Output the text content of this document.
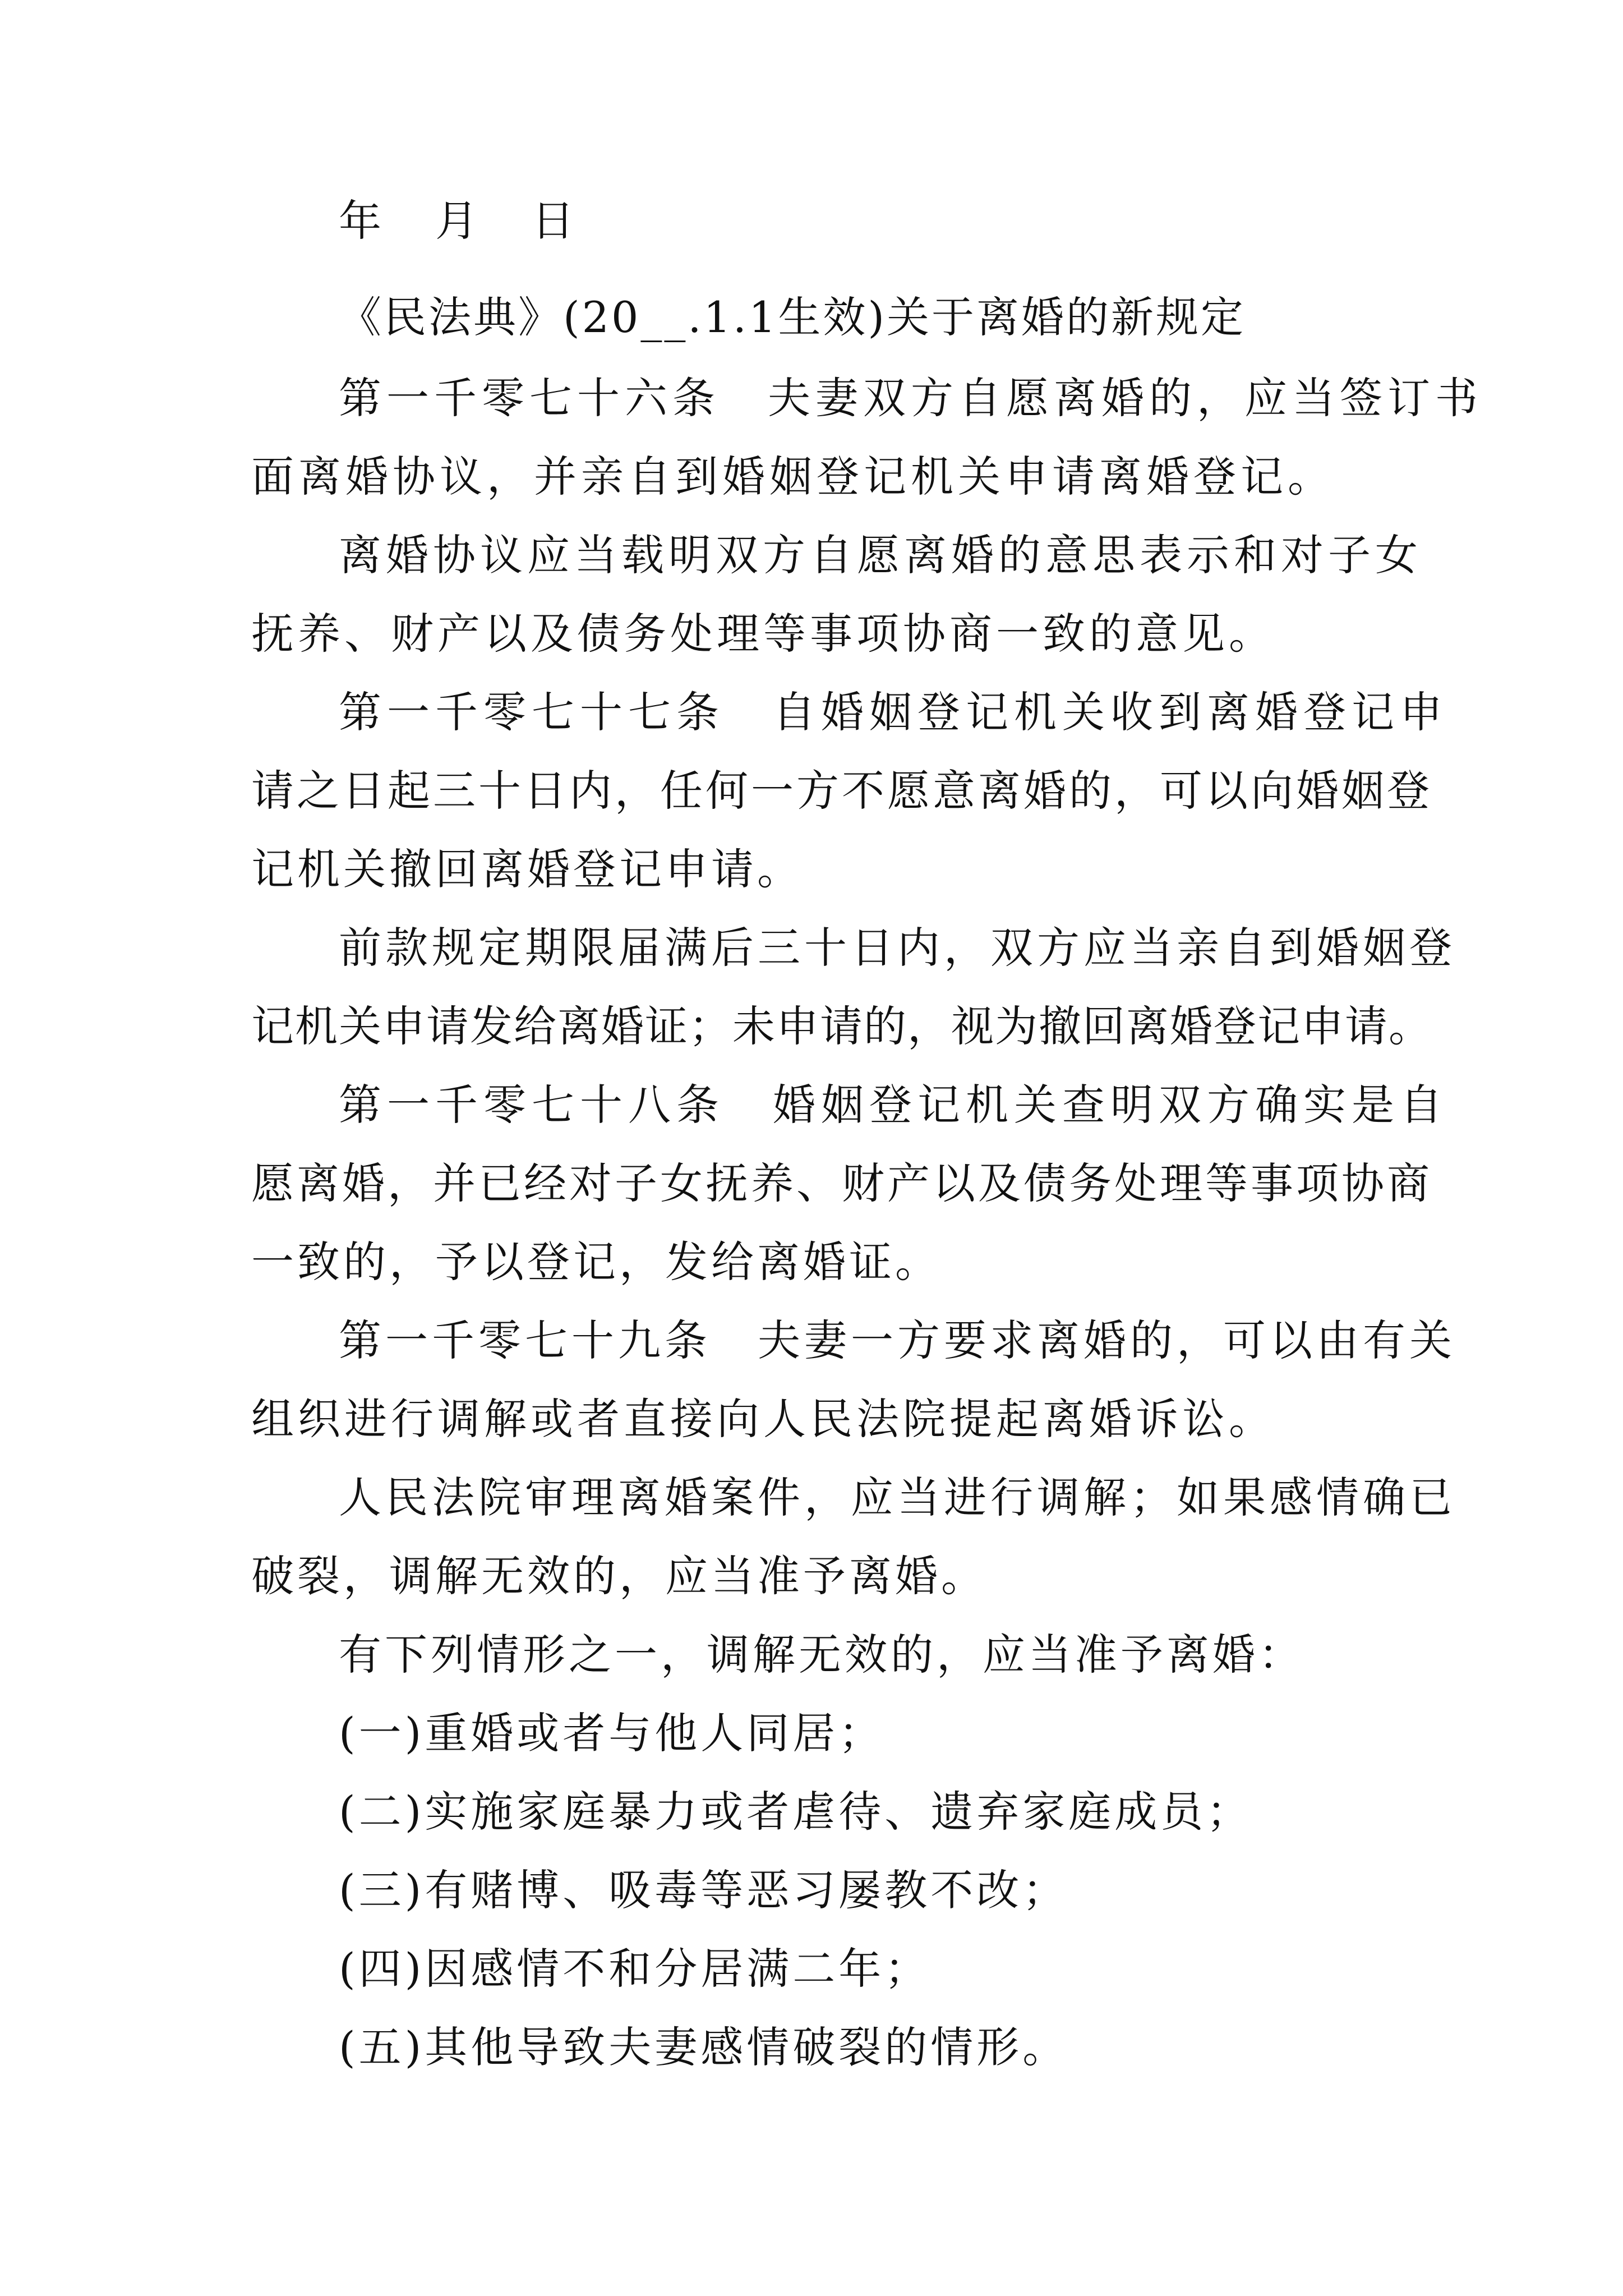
年 月 日
《民法典》(20__.1.1生效)关于离婚的新规定
第一千零七十六条　夫妻双方自愿离婚的，应当签订书
面离婚协议，并亲自到婚姻登记机关申请离婚登记。
离婚协议应当载明双方自愿离婚的意思表示和对子女
抚养、财产以及债务处理等事项协商一致的意见。
第一千零七十七条　自婚姻登记机关收到离婚登记申
请之日起三十日内，任何一方不愿意离婚的，可以向婚姻登
记机关撤回离婚登记申请。
前款规定期限届满后三十日内，双方应当亲自到婚姻登
记机关申请发给离婚证；未申请的，视为撤回离婚登记申请。
第一千零七十八条　婚姻登记机关查明双方确实是自
愿离婚，并已经对子女抚养、财产以及债务处理等事项协商
一致的，予以登记，发给离婚证。
第一千零七十九条　夫妻一方要求离婚的，可以由有关
组织进行调解或者直接向人民法院提起离婚诉讼。
人民法院审理离婚案件，应当进行调解；如果感情确已
破裂，调解无效的，应当准予离婚。
有下列情形之一，调解无效的，应当准予离婚：
(一)重婚或者与他人同居；
(二)实施家庭暴力或者虐待、遗弃家庭成员；
(三)有赌博、吸毒等恶习屡教不改；
(四)因感情不和分居满二年；
(五)其他导致夫妻感情破裂的情形。
